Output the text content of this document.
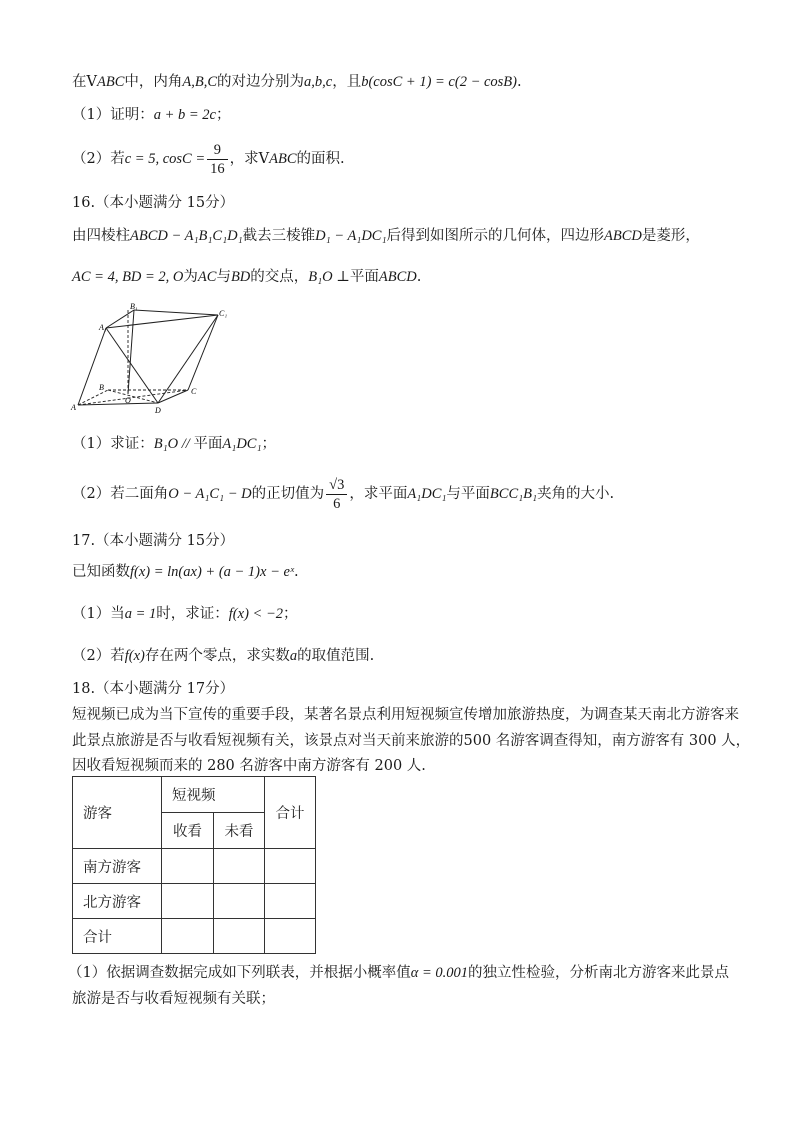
在VABC中，内角A,B,C的对边分别为a,b,c，且b(cosC + 1) = c(2 − cosB).
（1）证明：a + b = 2c；
（2）若c = 5, $\cos C = \frac{9}{16}$ ，求VABC的面积.
16.（本小题满分 15分）
由四棱柱ABCD − A₁B₁C₁D₁截去三棱锥D₁ − A₁DC₁后得到如图所示的几何体，四边形ABCD是菱形，
AC = 4, BD = 2, O为AC与BD的交点，B₁O ⊥平面ABCD.
A₁
B₁
C₁
A
B	C
D
O
（1）求证：B₁O // 平面A₁DC₁；
（2）若二面角O − A₁C₁ − D的正切值为 $\frac{√3}{6}$ ，求平面A₁DC₁与平面BCC₁B₁夹角的大小.
17.（本小题满分 15分）
已知函数f(x) = ln(ax) + (a − 1)x − eˣ.
（1）当a = 1时，求证：f(x) < −2；
（2）若f(x)存在两个零点，求实数a的取值范围.
18.（本小题满分 17分）
短视频已成为当下宣传的重要手段，某著名景点利用短视频宣传增加旅游热度，为调查某天南北方游客来
此景点旅游是否与收看短视频有关，该景点对当天前来旅游的500 名游客调查得知，南方游客有 300 人，
因收看短视频而来的 280 名游客中南方游客有 200 人.
游客	短视频		合计
	收看	未看	
南方游客			
北方游客			
合计			
（1）依据调查数据完成如下列联表，并根据小概率值α = 0.001的独立性检验，分析南北方游客来此景点
旅游是否与收看短视频有关联；
